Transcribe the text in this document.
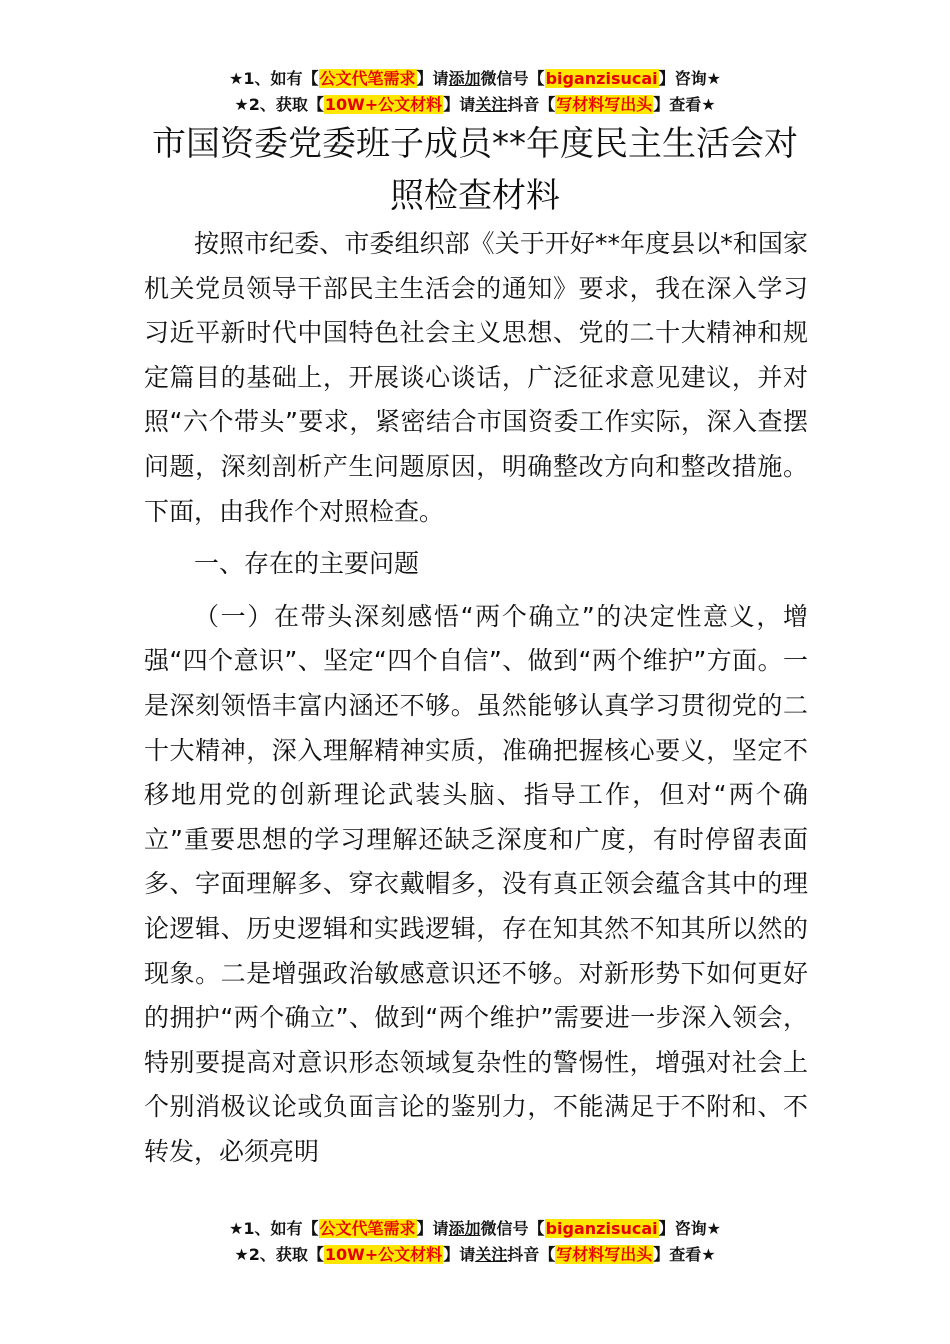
★1、如有【公文代笔需求】请添加微信号【biganzisucai】咨询★
★2、获取【10W+公文材料】请关注抖音【写材料写出头】查看★
市国资委党委班子成员**年度民主生活会对
照检查材料

按照市纪委、市委组织部《关于开好**年度县以*和国家机关党员领导干部民主生活会的通知》要求，我在深入学习习近平新时代中国特色社会主义思想、党的二十大精神和规定篇目的基础上，开展谈心谈话，广泛征求意见建议，并对照“六个带头”要求，紧密结合市国资委工作实际，深入查摆问题，深刻剖析产生问题原因，明确整改方向和整改措施。下面，由我作个对照检查。

一、存在的主要问题

（一）在带头深刻感悟“两个确立”的决定性意义，增强“四个意识”、坚定“四个自信”、做到“两个维护”方面。一是深刻领悟丰富内涵还不够。虽然能够认真学习贯彻党的二十大精神，深入理解精神实质，准确把握核心要义，坚定不移地用党的创新理论武装头脑、指导工作，但对“两个确立”重要思想的学习理解还缺乏深度和广度，有时停留表面多、字面理解多、穿衣戴帽多，没有真正领会蕴含其中的理论逻辑、历史逻辑和实践逻辑，存在知其然不知其所以然的现象。二是增强政治敏感意识还不够。对新形势下如何更好的拥护“两个确立”、做到“两个维护”需要进一步深入领会，特别要提高对意识形态领域复杂性的警惕性，增强对社会上个别消极议论或负面言论的鉴别力，不能满足于不附和、不转发，必须亮明

★1、如有【公文代笔需求】请添加微信号【biganzisucai】咨询★
★2、获取【10W+公文材料】请关注抖音【写材料写出头】查看★
